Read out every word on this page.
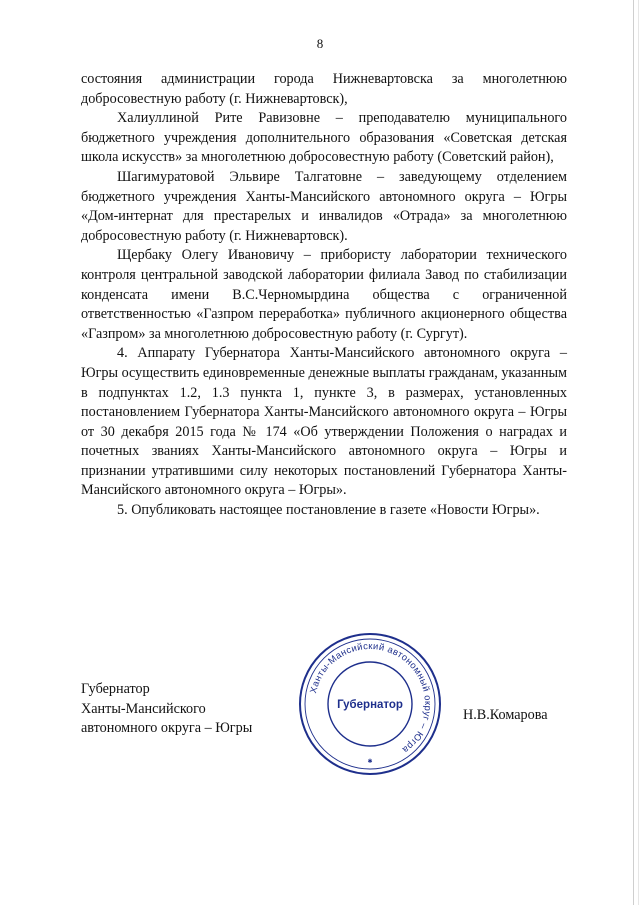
8

состояния администрации города Нижневартовска за многолетнюю добросовестную работу (г. Нижневартовск),

Халиуллиной Рите Равизовне – преподавателю муниципального бюджетного учреждения дополнительного образования «Советская детская школа искусств» за многолетнюю добросовестную работу (Советский район),

Шагимуратовой Эльвире Талгатовне – заведующему отделением бюджетного учреждения Ханты-Мансийского автономного округа – Югры «Дом-интернат для престарелых и инвалидов «Отрада» за многолетнюю добросовестную работу (г. Нижневартовск).

Щербаку Олегу Ивановичу – прибористу лаборатории технического контроля центральной заводской лаборатории филиала Завод по стабилизации конденсата имени В.С.Черномырдина общества с ограниченной ответственностью «Газпром переработка» публичного акционерного общества «Газпром» за многолетнюю добросовестную работу (г. Сургут).

4. Аппарату Губернатора Ханты-Мансийского автономного округа – Югры осуществить единовременные денежные выплаты гражданам, указанным в подпунктах 1.2, 1.3 пункта 1, пункте 3, в размерах, установленных постановлением Губернатора Ханты-Мансийского автономного округа – Югры от 30 декабря 2015 года № 174 «Об утверждении Положения о наградах и почетных званиях Ханты-Мансийского автономного округа – Югры и признании утратившими силу некоторых постановлений Губернатора Ханты-Мансийского автономного округа – Югры».

5. Опубликовать настоящее постановление в газете «Новости Югры».

Губернатор
Ханты-Мансийского
автономного округа – Югры
Н.В.Комарова
Ханты-Мансийский автономный округ – Югра
Губернатор
✱
